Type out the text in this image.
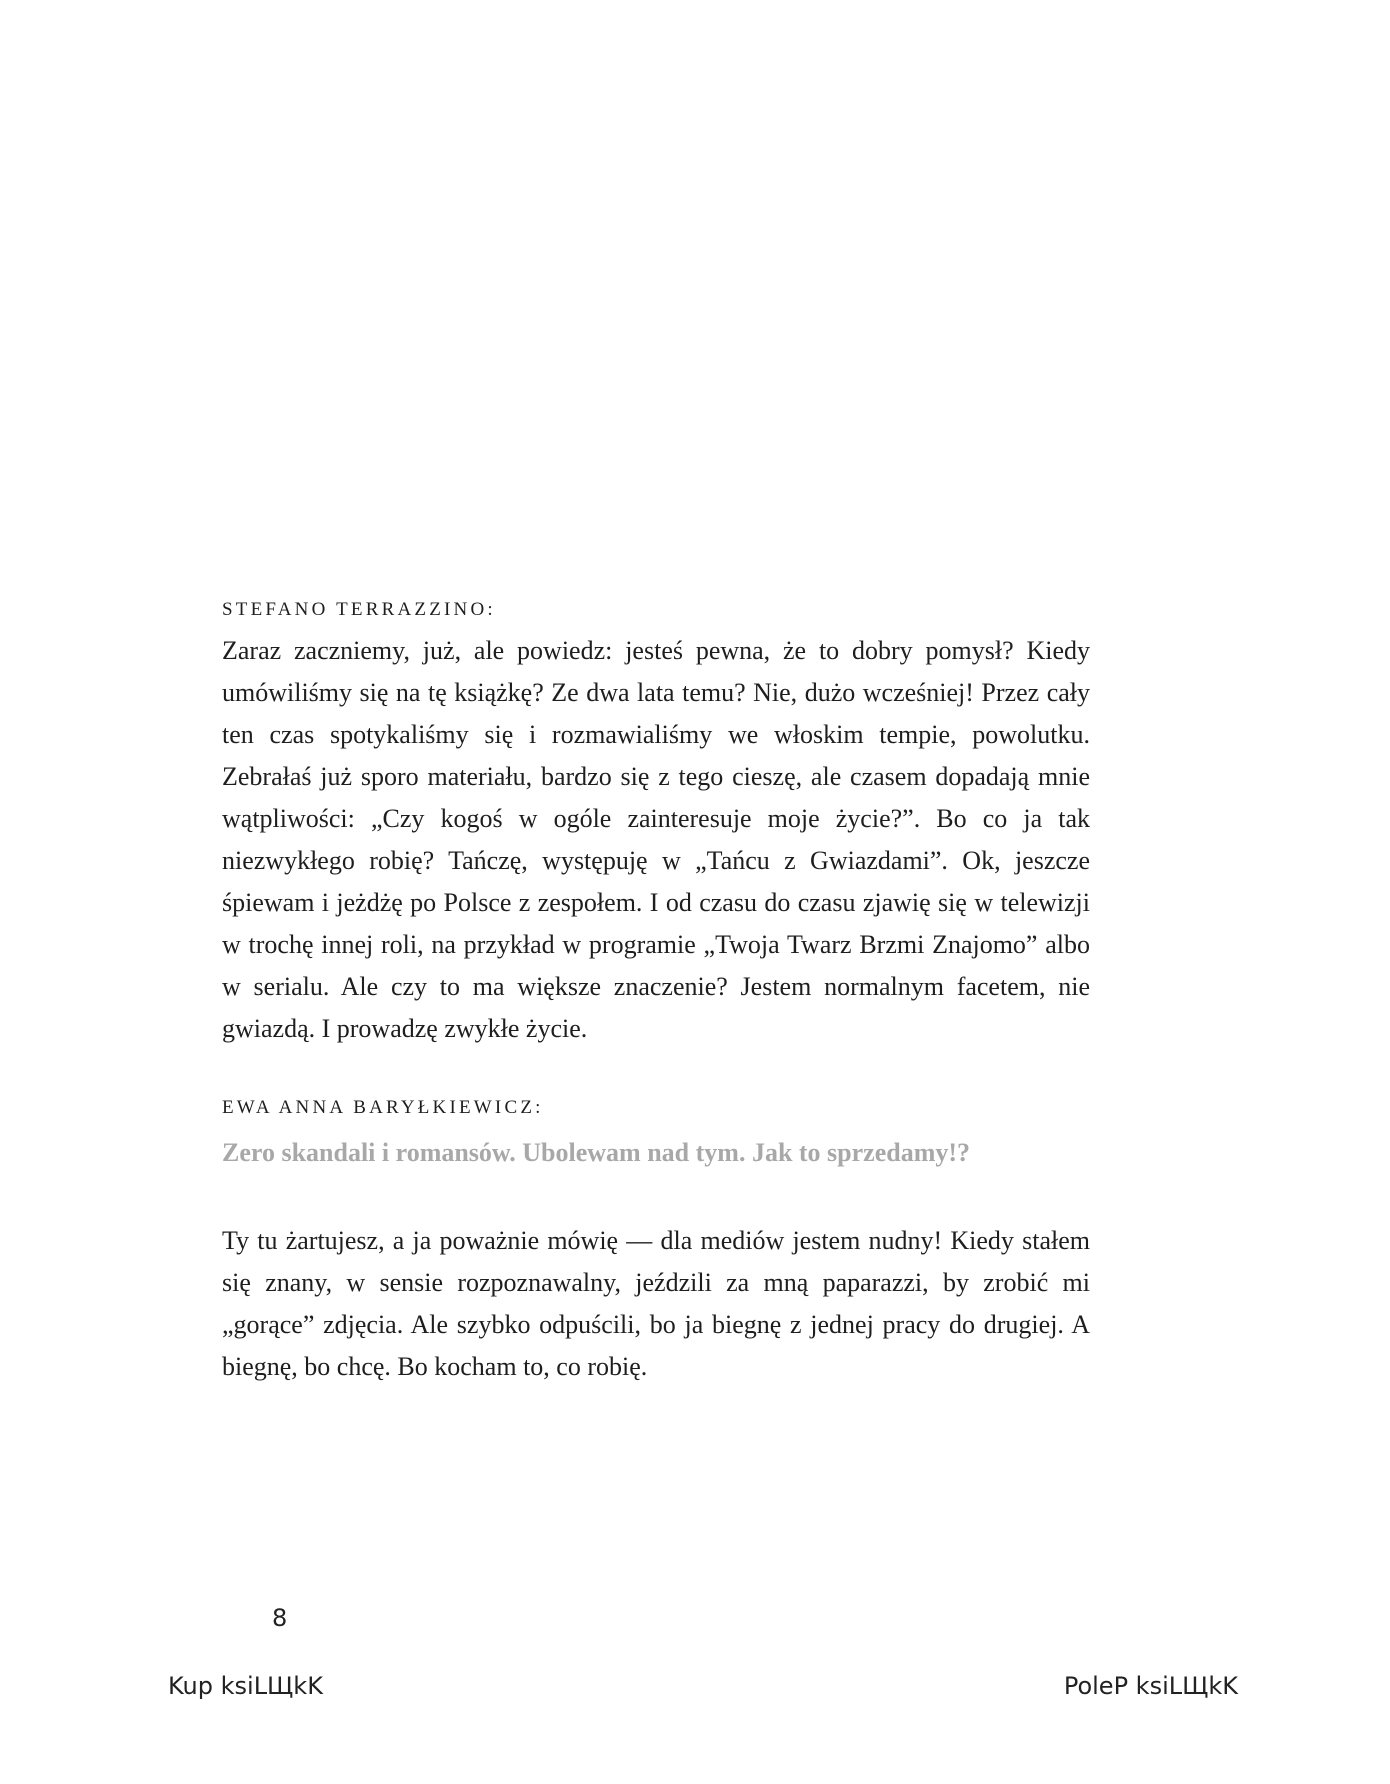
STEFANO TERRAZZINO:

Zaraz zaczniemy, już, ale powiedz: jesteś pewna, że to dobry pomysł? Kiedy umówiliśmy się na tę książkę? Ze dwa lata temu? Nie, dużo wcześniej! Przez cały ten czas spotykaliśmy się i rozmawialiśmy we włoskim tempie, powolutku. Zebrałaś już sporo materiału, bardzo się z tego cieszę, ale czasem dopadają mnie wątpliwości: „Czy kogoś w ogóle zainteresuje moje życie?”. Bo co ja tak niezwykłego robię? Tańczę, występuję w „Tańcu z Gwiazdami”. Ok, jeszcze śpiewam i jeżdżę po Polsce z zespołem. I od czasu do czasu zjawię się w telewizji w trochę innej roli, na przykład w programie „Twoja Twarz Brzmi Znajomo” albo w serialu. Ale czy to ma większe znaczenie? Jestem normalnym facetem, nie gwiazdą. I prowadzę zwykłe życie.

EWA ANNA BARYŁKIEWICZ:

Zero skandali i romansów. Ubolewam nad tym. Jak to sprzedamy!?

Ty tu żartujesz, a ja poważnie mówię — dla mediów jestem nudny! Kiedy stałem się znany, w sensie rozpoznawalny, jeździli za mną paparazzi, by zrobić mi „gorące” zdjęcia. Ale szybko odpuścili, bo ja biegnę z jednej pracy do drugiej. A biegnę, bo chcę. Bo kocham to, co robię.

8
Kup ksiLЩkK	PoleP ksiLЩkK
